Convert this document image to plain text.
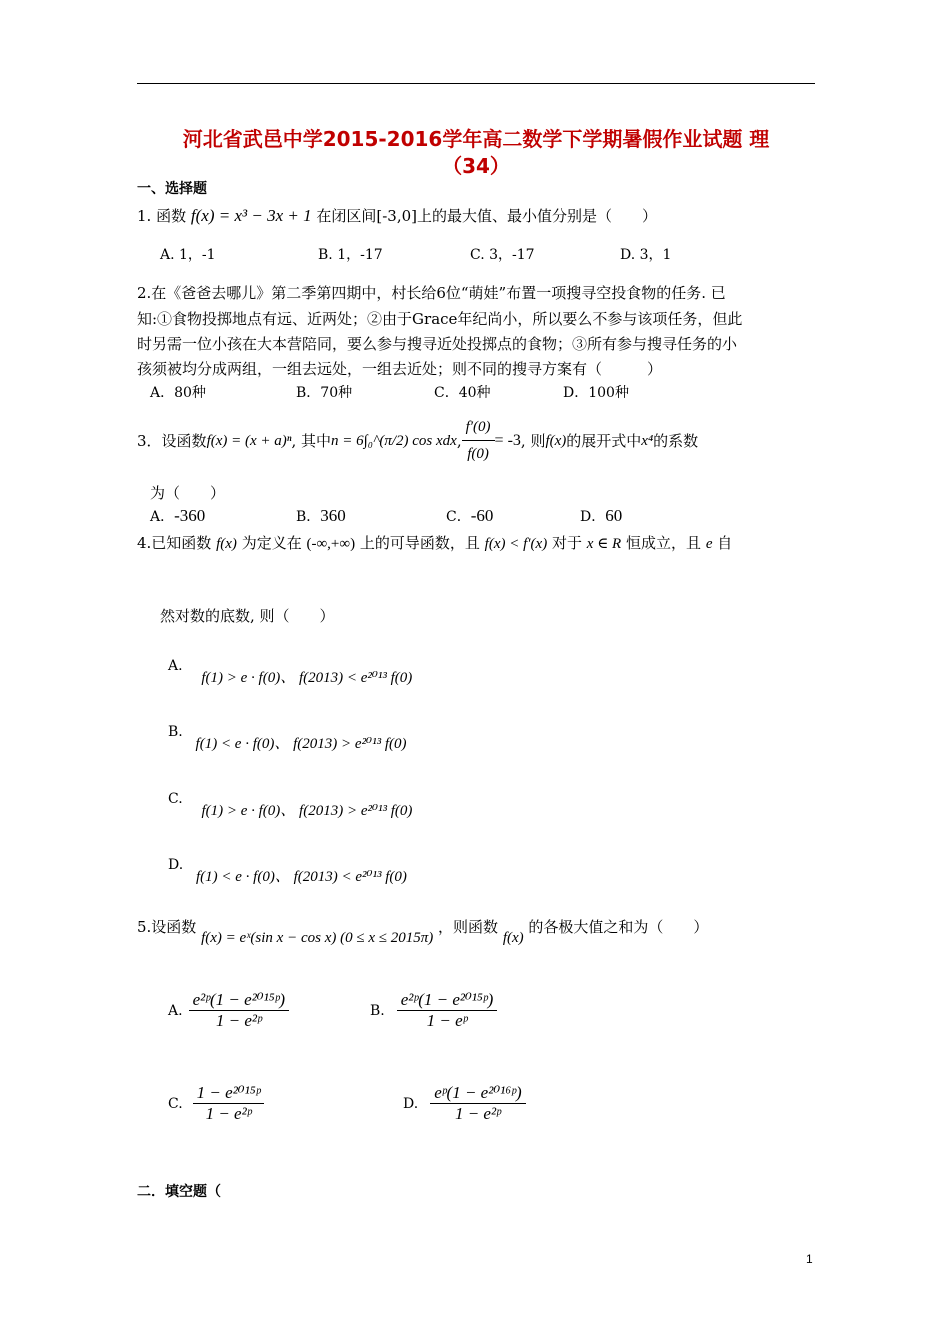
河北省武邑中学2015-2016学年高二数学下学期暑假作业试题 理
（34）
一、选择题
1. 函数 f(x) = x³ − 3x + 1 在闭区间[-3,0]上的最大值、最小值分别是（　　）
A. 1，-1	B. 1，-17	C. 3，-17	D. 3，1
2.在《爸爸去哪儿》第二季第四期中，村长给6位“萌娃”布置一项搜寻空投食物的任务. 已
知:①食物投掷地点有远、近两处；②由于Grace年纪尚小，所以要么不参与该项任务，但此
时另需一位小孩在大本营陪同，要么参与搜寻近处投掷点的食物；③所有参与搜寻任务的小
孩须被均分成两组，一组去远处，一组去近处；则不同的搜寻方案有（　　　）
A．80种	B．70种	C．40种	D．100种
3． 设函数 f(x) = (x + a)ⁿ , 其中 n = 6∫₀^(π/2) cos xdx , $\frac{f'(0)}{f(0)} = -3$ , 则 f(x) 的展开式中 x⁴ 的系数
为（　　）
A．-360	B．360	C．-60	D．60
4.已知函数 f(x) 为定义在 (-∞,+∞) 上的可导函数，且 f(x) < f′(x) 对于 x ∈ R 恒成立，且 e 自
然对数的底数, 则（　　）
A. f(1) > e · f(0)、 f(2013) < e²⁰¹³ f(0)
B. f(1) < e · f(0)、 f(2013) > e²⁰¹³ f(0)
C. f(1) > e · f(0)、 f(2013) > e²⁰¹³ f(0)
D. f(1) < e · f(0)、 f(2013) < e²⁰¹³ f(0)
5.设函数 f(x) = eˣ(sin x − cos x) (0 ≤ x ≤ 2015π) ，则函数 f(x) 的各极大值之和为（　　）
A. $\frac{\text{e²ᵖ(1 − e²⁰¹⁵ᵖ)}}{\text{1 − e²ᵖ}}$	B. $\frac{\text{e²ᵖ(1 − e²⁰¹⁵ᵖ)}}{\text{1 − eᵖ}}$
C. $\frac{\text{1 − e²⁰¹⁵ᵖ}}{\text{1 − e²ᵖ}}$	D. $\frac{\text{eᵖ(1 − e²⁰¹⁶ᵖ)}}{\text{1 − e²ᵖ}}$
二．填空题（
1
